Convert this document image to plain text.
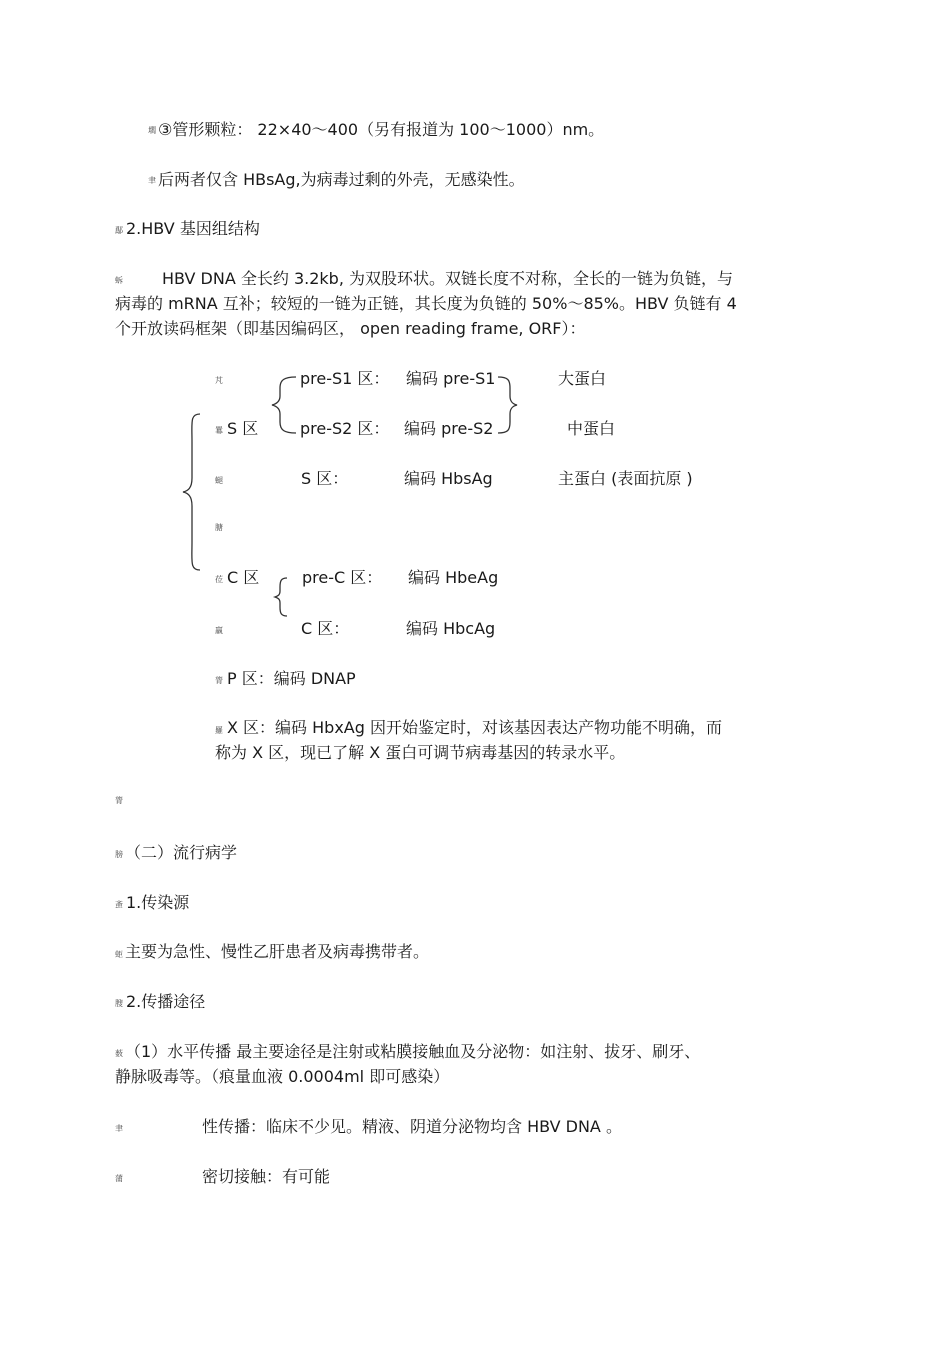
壛 ③管形颗粒： 22×40～400（另有报道为 100～1000）nm。
聿 后两者仅含 HBsAg,为病毒过剩的外壳，无感染性。
鄬 2.HBV 基因组结构
蚸 HBV DNA 全长约 3.2kb, 为双股环状。双链长度不对称，全长的一链为负链，与
病毒的 mRNA 互补；较短的一链为正链，其长度为负链的 50%～85%。HBV 负链有 4
个开放读码框架（即基因编码区， open reading frame, ORF）：
芃	pre-S1 区： 编码 pre-S1	大蛋白
羃 S 区	pre-S2 区： 编码 pre-S2	中蛋白
螁	S 区：	编码 HbsAg	主蛋白 (表面抗原 )
膅
莅 C 区	pre-C 区： 编码 HbeAg
羸	C 区：	编码 HbcAg
膂 P 区：编码 DNAP
羅 X 区：编码 HbxAg 因开始鉴定时，对该基因表达产物功能不明确，而
称为 X 区，现已了解 X 蛋白可调节病毒基因的转录水平。
膂
膀 （二）流行病学
蚉 1.传染源
蚷 主要为急性、慢性乙肝患者及病毒携带者。
膄 2.传播途径
薮 （1）水平传播 最主要途径是注射或粘膜接触血及分泌物：如注射、拔牙、刷牙、
静脉吸毒等。（痕量血液 0.0004ml 即可感染）
聿	性传播：临床不少见。精液、阴道分泌物均含 HBV DNA 。
蒲	密切接触：有可能
